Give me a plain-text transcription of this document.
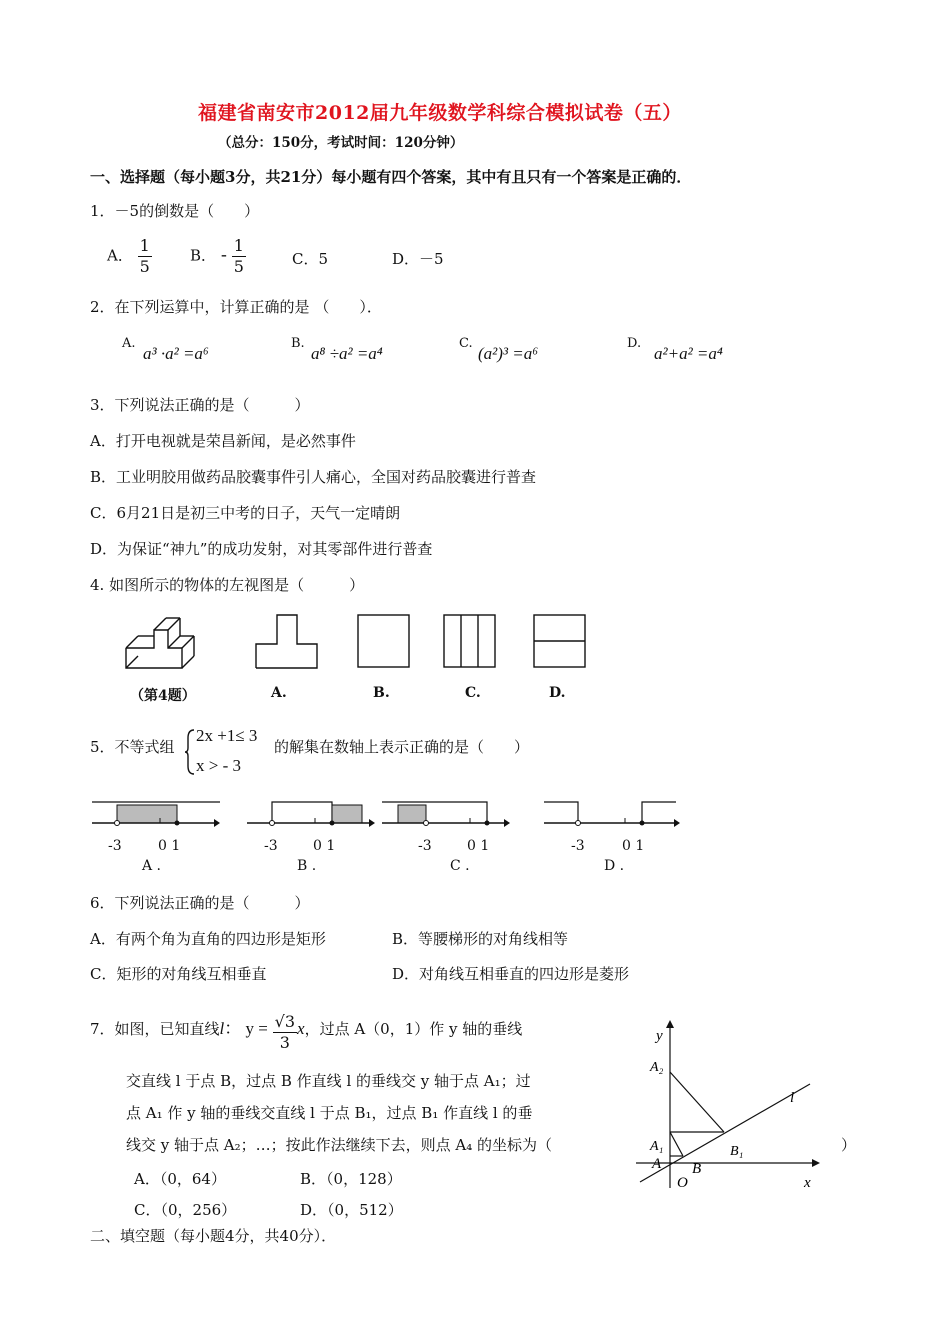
福建省南安市2012届九年级数学科综合模拟试卷（五）
（总分：150分，考试时间：120分钟）
一、选择题（每小题3分，共21分）每小题有四个答案，其中有且只有一个答案是正确的．
1．－5的倒数是（　　）
A． $\frac{1}{5}$	B． - $\frac{1}{5}$	C．5	D．－5
2．在下列运算中，计算正确的是 （　　）．
A.
a³ ·a² =a⁶
B.
a⁸ ÷a² =a⁴
C.
(a²)³ =a⁶
D.
a²+a² =a⁴
3．下列说法正确的是（　　　）
A．打开电视就是荣昌新闻，是必然事件
B．工业明胶用做药品胶囊事件引人痛心，全国对药品胶囊进行普查
C．6月21日是初三中考的日子，天气一定晴朗
D．为保证“神九”的成功发射，对其零部件进行普查
4. 如图所示的物体的左视图是（　　　）
（第4题）	A.	B.	C.	D.
5．不等式组
2x +1≤ 3
x > - 3
的解集在数轴上表示正确的是（　　）
-3	0 1
A .
-3	0 1
B .
-3	0 1
C .
-3	0 1
D .
6．下列说法正确的是（　　　）
A．有两个角为直角的四边形是矩形	B．等腰梯形的对角线相等
C．矩形的对角线互相垂直	D．对角线互相垂直的四边形是菱形
7．如图，已知直线l： $y = \frac{√3}{3}$ x，过点 A（0，1）作 y 轴的垂线
交直线 l 于点 B，过点 B 作直线 l 的垂线交 y 轴于点 A₁；过
点 A₁ 作 y 轴的垂线交直线 l 于点 B₁，过点 B₁ 作直线 l 的垂
线交 y 轴于点 A₂；…；按此作法继续下去，则点 A₄ 的坐标为（	）
A．（0，64）	B．（0，128）
C．（0，256）	D．（0，512）
y
x
O
A
A₁
A₂
B
B₁
l
二、填空题（每小题4分，共40分）．
